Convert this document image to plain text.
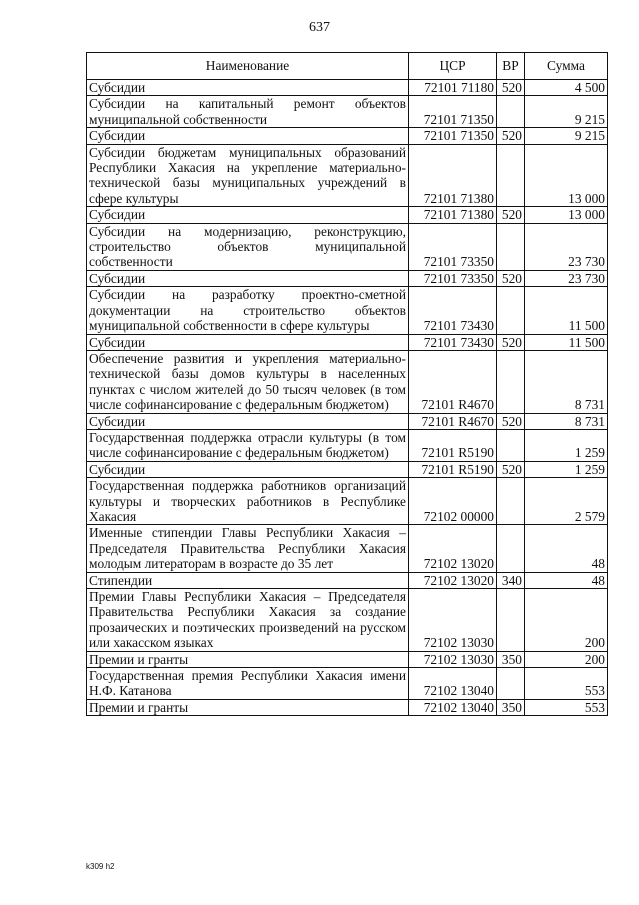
637
Наименование	ЦСР	ВР	Сумма
Субсидии	72101 71180	520	4 500
Субсидии на капитальный ремонт объектов муниципальной собственности	72101 71350		9 215
Субсидии	72101 71350	520	9 215
Субсидии бюджетам муниципальных образований Республики Хакасия на укрепление материально-технической базы муниципальных учреждений в сфере культуры	72101 71380		13 000
Субсидии	72101 71380	520	13 000
Субсидии на модернизацию, реконструкцию, строительство объектов муниципальной собственности	72101 73350		23 730
Субсидии	72101 73350	520	23 730
Субсидии на разработку проектно-сметной документации на строительство объектов муниципальной собственности в сфере культуры	72101 73430		11 500
Субсидии	72101 73430	520	11 500
Обеспечение развития и укрепления материально-технической базы домов культуры в населенных пунктах с числом жителей до 50 тысяч человек (в том числе софинансирование с федеральным бюджетом)	72101 R4670		8 731
Субсидии	72101 R4670	520	8 731
Государственная поддержка отрасли культуры (в том числе софинансирование с федеральным бюджетом)	72101 R5190		1 259
Субсидии	72101 R5190	520	1 259
Государственная поддержка работников организаций культуры и творческих работников в Республике Хакасия	72102 00000		2 579
Именные стипендии Главы Республики Хакасия – Председателя Правительства Республики Хакасия молодым литераторам в возрасте до 35 лет	72102 13020		48
Стипендии	72102 13020	340	48
Премии Главы Республики Хакасия – Председателя Правительства Республики Хакасия за создание прозаических и поэтических произведений на русском или хакасском языках	72102 13030		200
Премии и гранты	72102 13030	350	200
Государственная премия Республики Хакасия имени Н.Ф. Катанова	72102 13040		553
Премии и гранты	72102 13040	350	553
k309 h2
